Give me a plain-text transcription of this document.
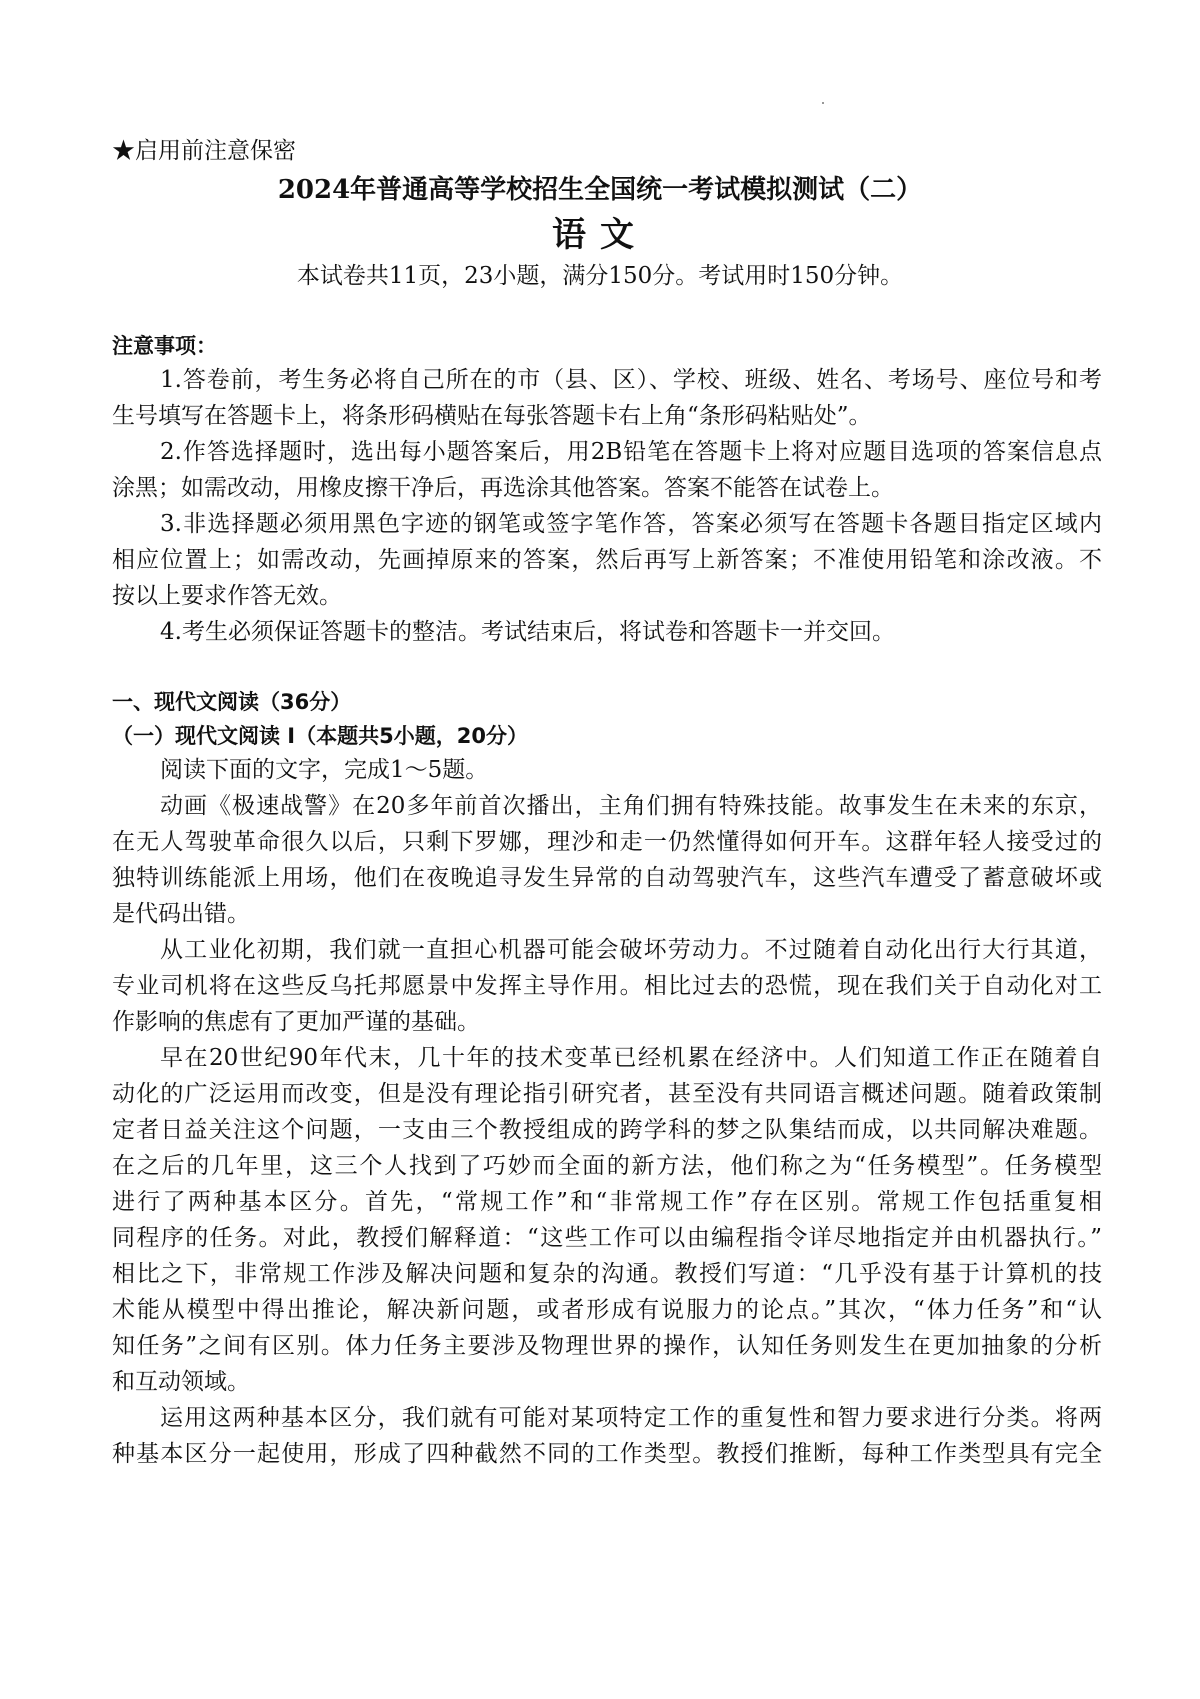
★启用前注意保密
2024年普通高等学校招生全国统一考试模拟测试（二）
语文
本试卷共11页，23小题，满分150分。考试用时150分钟。
注意事项：
1.答卷前，考生务必将自己所在的市（县、区）、学校、班级、姓名、考场号、座位号和考
生号填写在答题卡上，将条形码横贴在每张答题卡右上角“条形码粘贴处”。
2.作答选择题时，选出每小题答案后，用2B铅笔在答题卡上将对应题目选项的答案信息点
涂黑；如需改动，用橡皮擦干净后，再选涂其他答案。答案不能答在试卷上。
3.非选择题必须用黑色字迹的钢笔或签字笔作答，答案必须写在答题卡各题目指定区域内
相应位置上；如需改动，先画掉原来的答案，然后再写上新答案；不准使用铅笔和涂改液。不
按以上要求作答无效。
4.考生必须保证答题卡的整洁。考试结束后，将试卷和答题卡一并交回。
一、现代文阅读（36分）
（一）现代文阅读 I（本题共5小题，20分）
阅读下面的文字，完成1～5题。
动画《极速战警》在20多年前首次播出，主角们拥有特殊技能。故事发生在未来的东京，
在无人驾驶革命很久以后，只剩下罗娜，理沙和走一仍然懂得如何开车。这群年轻人接受过的
独特训练能派上用场，他们在夜晚追寻发生异常的自动驾驶汽车，这些汽车遭受了蓄意破坏或
是代码出错。
从工业化初期，我们就一直担心机器可能会破坏劳动力。不过随着自动化出行大行其道，
专业司机将在这些反乌托邦愿景中发挥主导作用。相比过去的恐慌，现在我们关于自动化对工
作影响的焦虑有了更加严谨的基础。
早在20世纪90年代末，几十年的技术变革已经机累在经济中。人们知道工作正在随着自
动化的广泛运用而改变，但是没有理论指引研究者，甚至没有共同语言概述问题。随着政策制
定者日益关注这个问题，一支由三个教授组成的跨学科的梦之队集结而成，以共同解决难题。
在之后的几年里，这三个人找到了巧妙而全面的新方法，他们称之为“任务模型”。任务模型
进行了两种基本区分。首先，“常规工作”和“非常规工作”存在区别。常规工作包括重复相
同程序的任务。对此，教授们解释道：“这些工作可以由编程指令详尽地指定并由机器执行。”
相比之下，非常规工作涉及解决问题和复杂的沟通。教授们写道：“几乎没有基于计算机的技
术能从模型中得出推论，解决新问题，或者形成有说服力的论点。”其次，“体力任务”和“认
知任务”之间有区别。体力任务主要涉及物理世界的操作，认知任务则发生在更加抽象的分析
和互动领域。
运用这两种基本区分，我们就有可能对某项特定工作的重复性和智力要求进行分类。将两
种基本区分一起使用，形成了四种截然不同的工作类型。教授们推断，每种工作类型具有完全
